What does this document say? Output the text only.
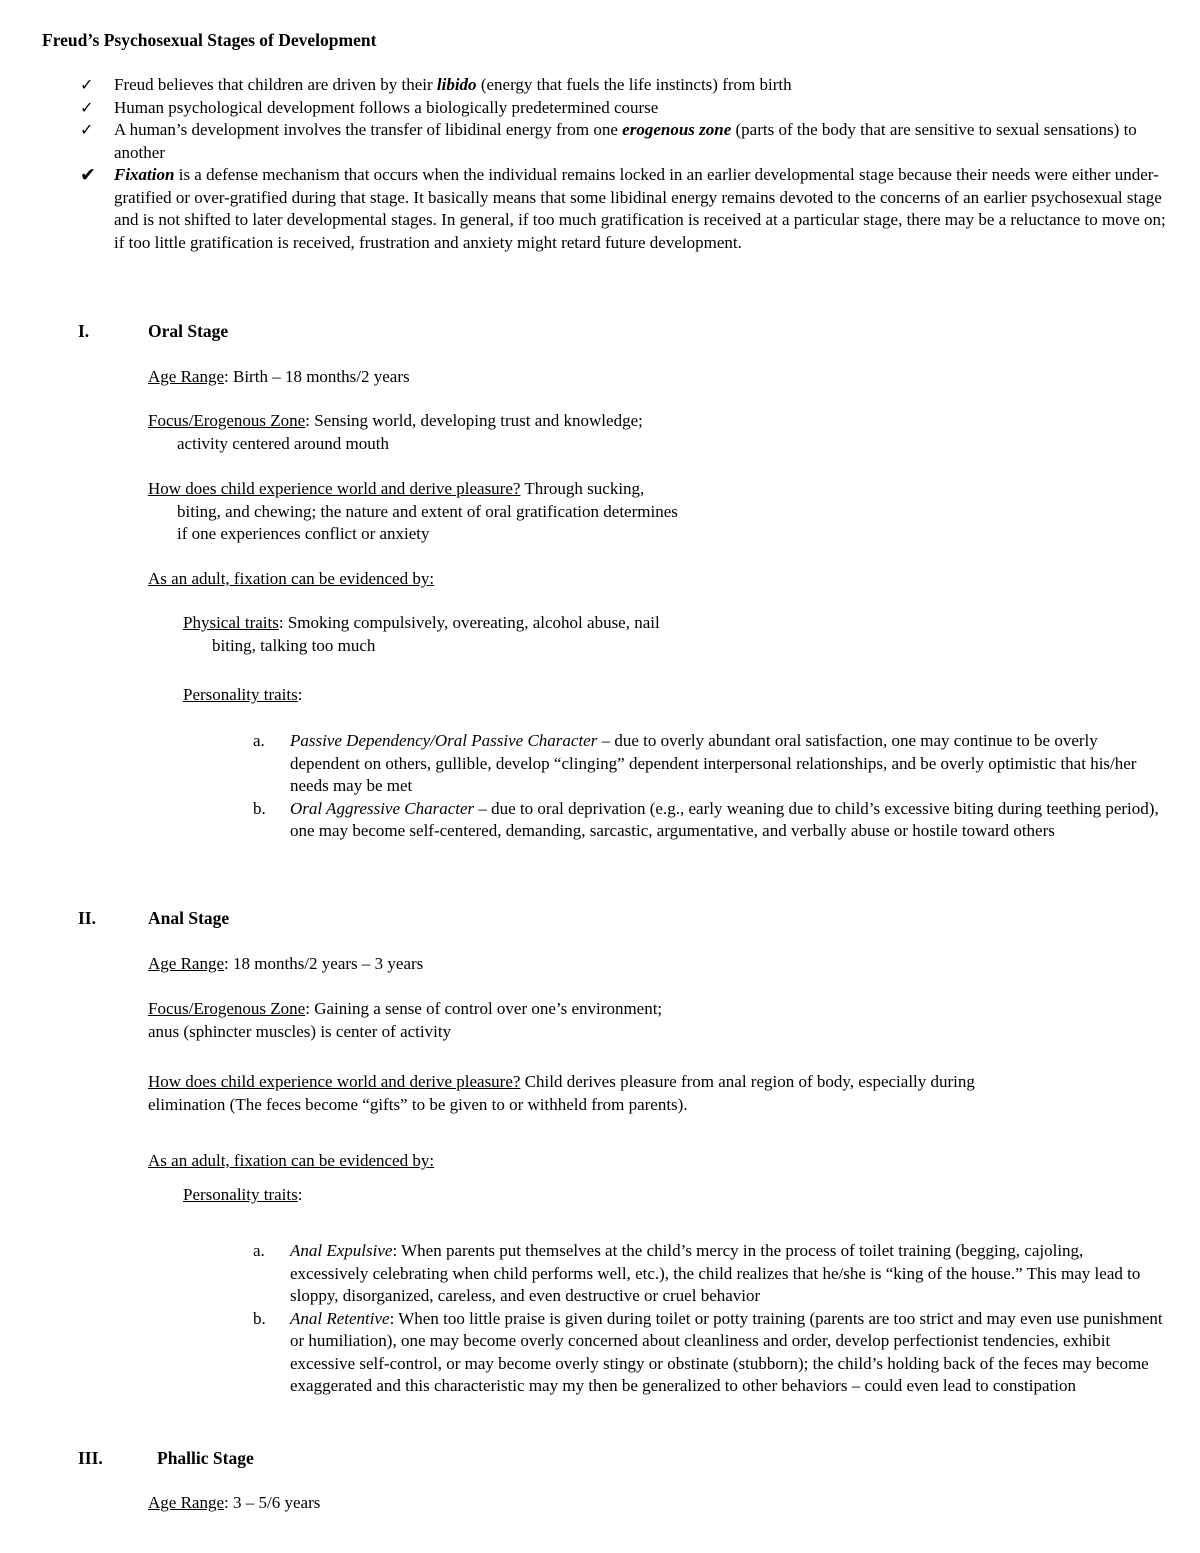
Freud’s Psychosexual Stages of Development
✓	Freud believes that children are driven by their libido (energy that fuels the life instincts) from birth
✓	Human psychological development follows a biologically predetermined course
✓	A human’s development involves the transfer of libidinal energy from one erogenous zone (parts of the body that are sensitive to sexual sensations) to another
✔ Fixation is a defense mechanism that occurs when the individual remains locked in an earlier developmental stage because their needs were either under-gratified or over-gratified during that stage. It basically means that some libidinal energy remains devoted to the concerns of an earlier psychosexual stage and is not shifted to later developmental stages. In general, if too much gratification is received at a particular stage, there may be a reluctance to move on; if too little gratification is received, frustration and anxiety might retard future development.
I.	Oral Stage
Age Range: Birth – 18 months/2 years
Focus/Erogenous Zone: Sensing world, developing trust and knowledge;
activity centered around mouth
How does child experience world and derive pleasure? Through sucking,
biting, and chewing; the nature and extent of oral gratification determines
if one experiences conflict or anxiety
As an adult, fixation can be evidenced by:
Physical traits: Smoking compulsively, overeating, alcohol abuse, nail
biting, talking too much
Personality traits:
a. Passive Dependency/Oral Passive Character – due to overly abundant oral satisfaction, one may continue to be overly dependent on others, gullible, develop “clinging” dependent interpersonal relationships, and be overly optimistic that his/her needs may be met
b. Oral Aggressive Character – due to oral deprivation (e.g., early weaning due to child’s excessive biting during teething period), one may become self-centered, demanding, sarcastic, argumentative, and verbally abuse or hostile toward others
II.	Anal Stage
Age Range: 18 months/2 years – 3 years
Focus/Erogenous Zone: Gaining a sense of control over one’s environment;
anus (sphincter muscles) is center of activity
How does child experience world and derive pleasure? Child derives pleasure from anal region of body, especially during
elimination (The feces become “gifts” to be given to or withheld from parents).
As an adult, fixation can be evidenced by:
Personality traits:
a. Anal Expulsive: When parents put themselves at the child’s mercy in the process of toilet training (begging, cajoling, excessively celebrating when child performs well, etc.), the child realizes that he/she is “king of the house.” This may lead to sloppy, disorganized, careless, and even destructive or cruel behavior
b. Anal Retentive: When too little praise is given during toilet or potty training (parents are too strict and may even use punishment or humiliation), one may become overly concerned about cleanliness and order, develop perfectionist tendencies, exhibit excessive self-control, or may become overly stingy or obstinate (stubborn); the child’s holding back of the feces may become exaggerated and this characteristic may my then be generalized to other behaviors – could even lead to constipation
III.	Phallic Stage
Age Range: 3 – 5/6 years
